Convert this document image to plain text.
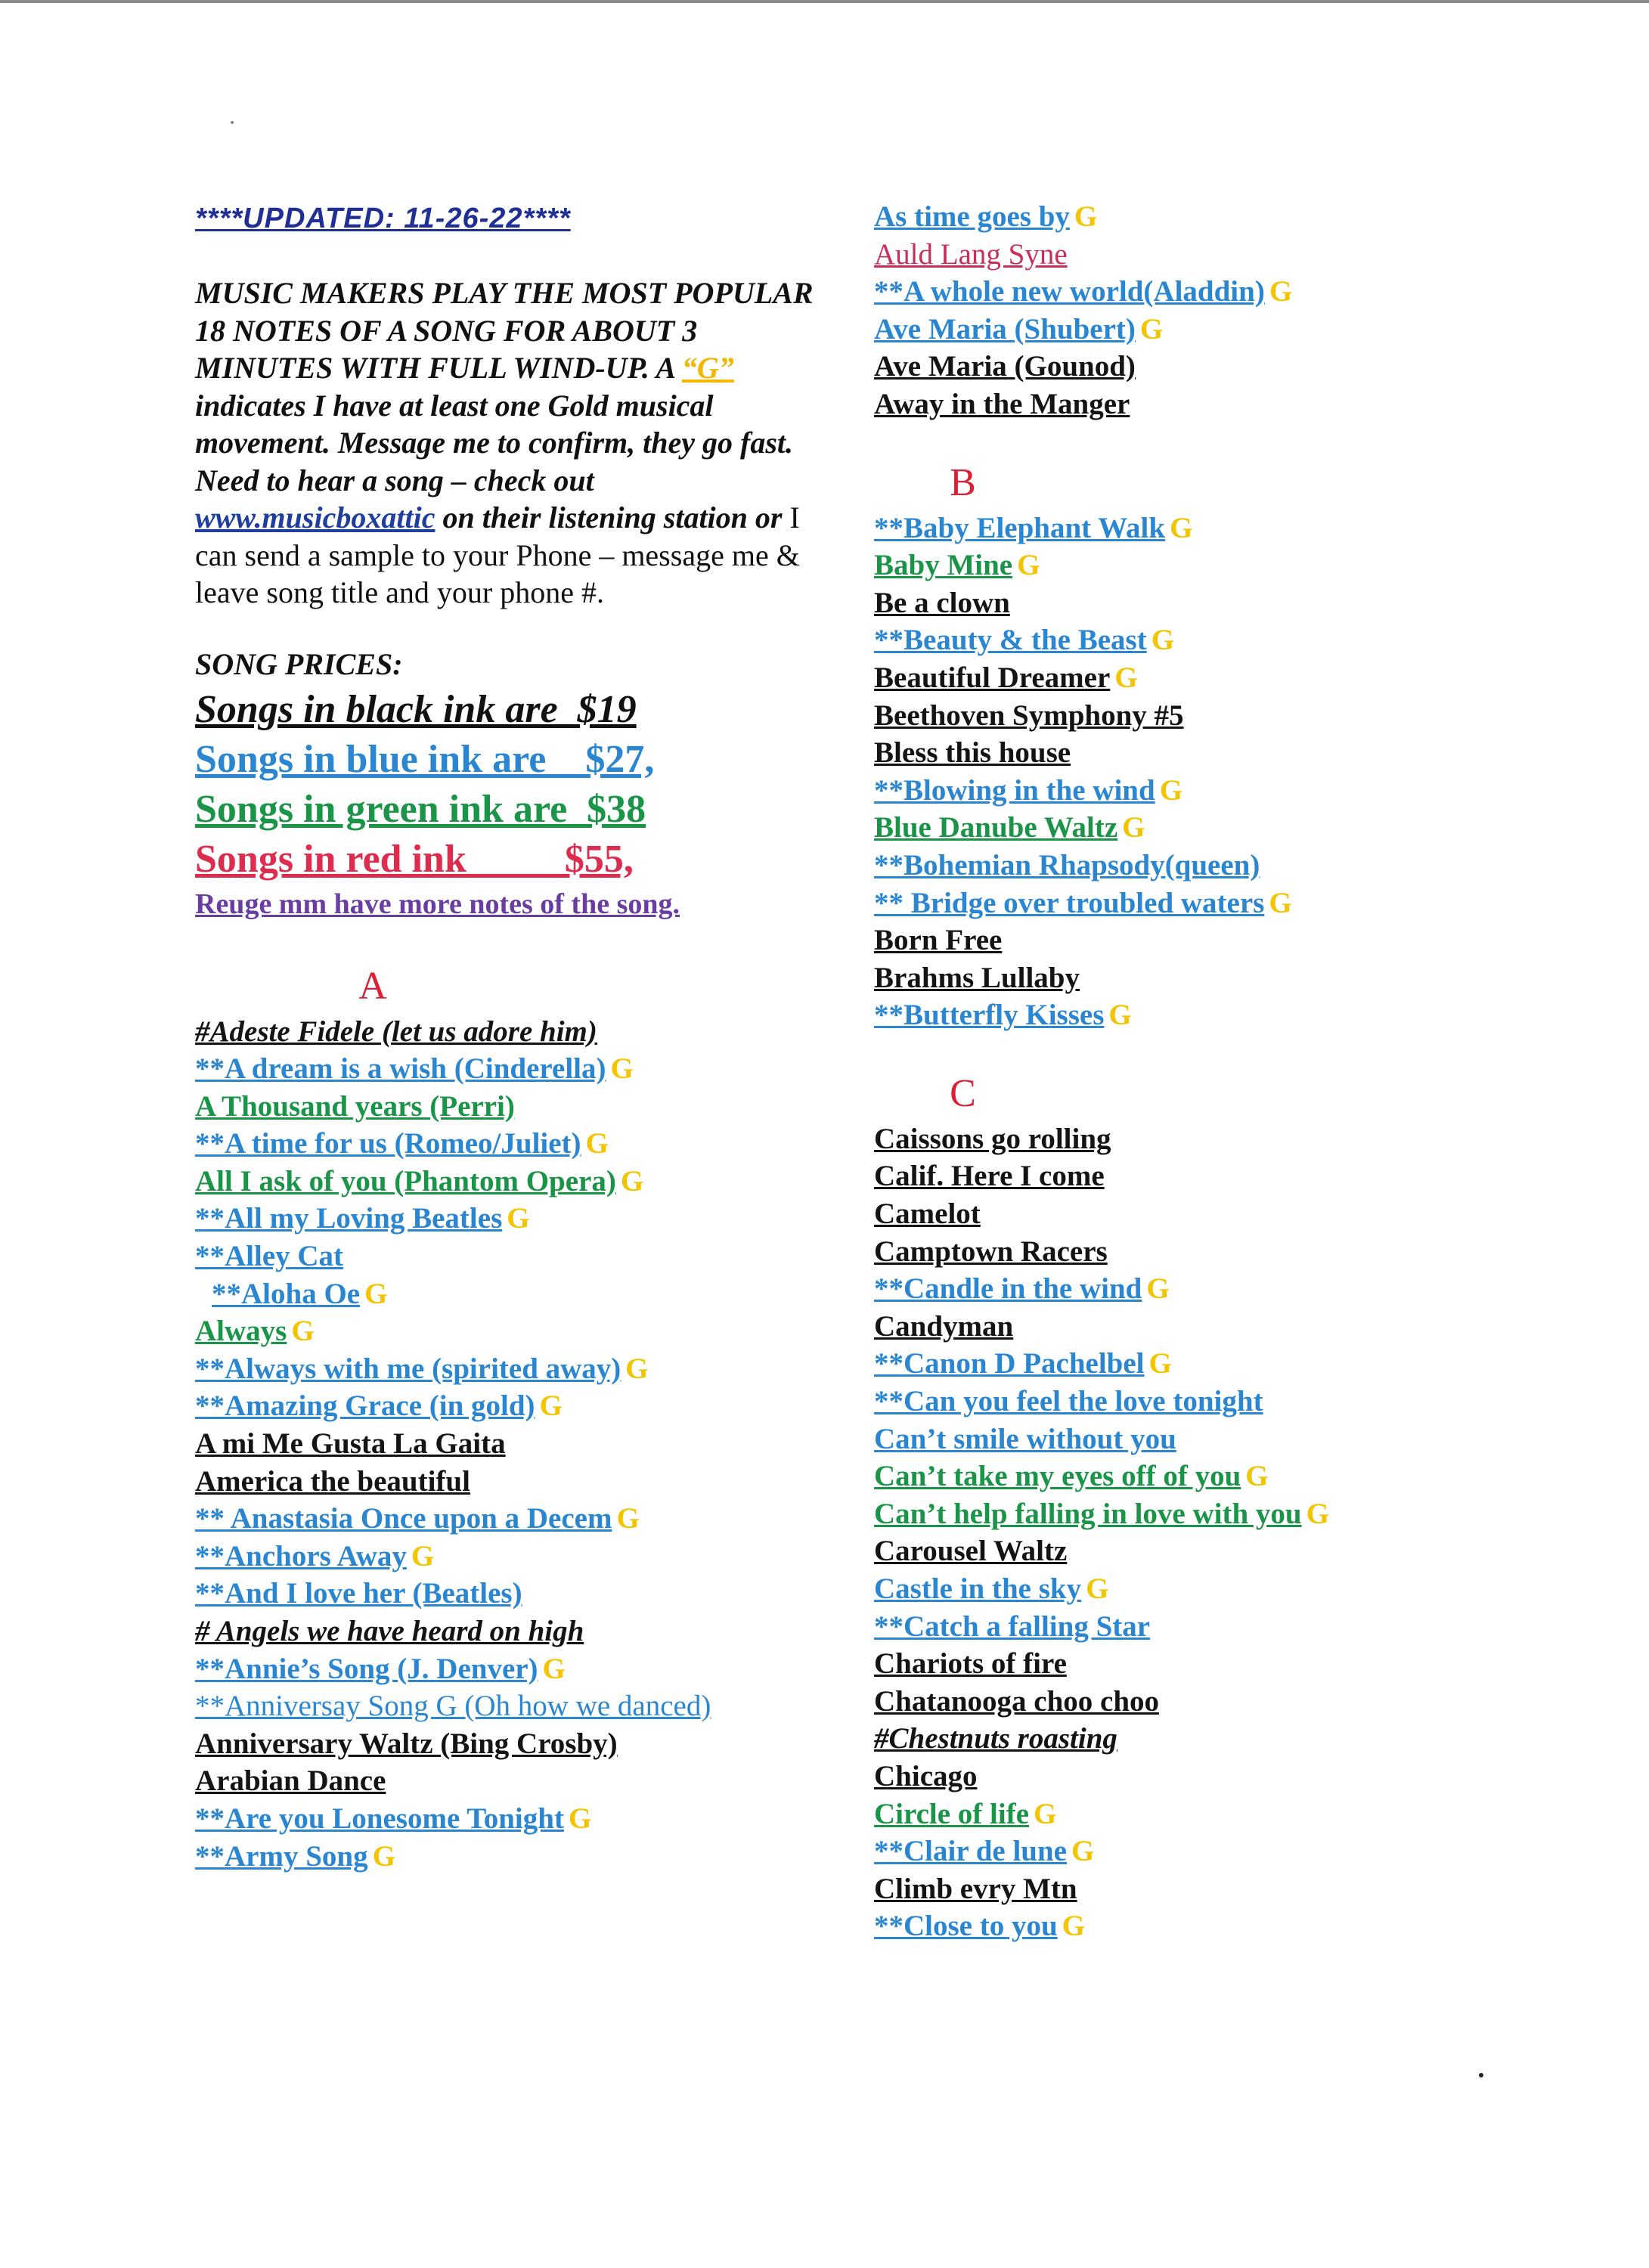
****UPDATED: 11-26-22****

MUSIC MAKERS PLAY THE MOST POPULAR 18 NOTES OF A SONG FOR ABOUT 3 MINUTES WITH FULL WIND-UP. A “G” indicates I have at least one Gold musical movement. Message me to confirm, they go fast. Need to hear a song – check out www.musicboxattic on their listening station or I can send a sample to your Phone – message me & leave song title and your phone #.

SONG PRICES:

Songs in black ink are  $19

Songs in blue ink are    $27,

Songs in green ink are  $38

Songs in red ink          $55,

Reuge mm have more notes of the song.

A

#Adeste Fidele (let us adore him)
**A dream is a wish (Cinderella) G
A Thousand years (Perri)
**A time for us (Romeo/Juliet) G
All I ask of you (Phantom Opera) G
**All my Loving Beatles G
**Alley Cat
**Aloha Oe G
Always G
**Always with me (spirited away) G
**Amazing Grace (in gold) G
A mi Me Gusta La Gaita
America the beautiful
** Anastasia Once upon a Decem G
**Anchors Away G
**And I love her (Beatles)
# Angels we have heard on high
**Annie’s Song (J. Denver) G
**Anniversay Song G (Oh how we danced)
Anniversary Waltz (Bing Crosby)
Arabian Dance
**Are you Lonesome Tonight G
**Army Song G
As time goes by G
Auld Lang Syne
**A whole new world(Aladdin) G
Ave Maria (Shubert) G
Ave Maria (Gounod)
Away in the Manger

B

**Baby Elephant Walk G
Baby Mine G
Be a clown
**Beauty & the Beast G
Beautiful Dreamer G
Beethoven Symphony #5
Bless this house
**Blowing in the wind G
Blue Danube Waltz G
**Bohemian Rhapsody(queen)
** Bridge over troubled waters G
Born Free
Brahms Lullaby
**Butterfly Kisses G

C

Caissons go rolling
Calif. Here I come
Camelot
Camptown Racers
**Candle in the wind G
Candyman
**Canon D Pachelbel G
**Can you feel the love tonight
Can’t smile without you
Can’t take my eyes off of you G
Can’t help falling in love with you G
Carousel Waltz
Castle in the sky G
**Catch a falling Star
Chariots of fire
Chatanooga choo choo
#Chestnuts roasting
Chicago
Circle of life G
**Clair de lune G
Climb evry Mtn
**Close to you G
